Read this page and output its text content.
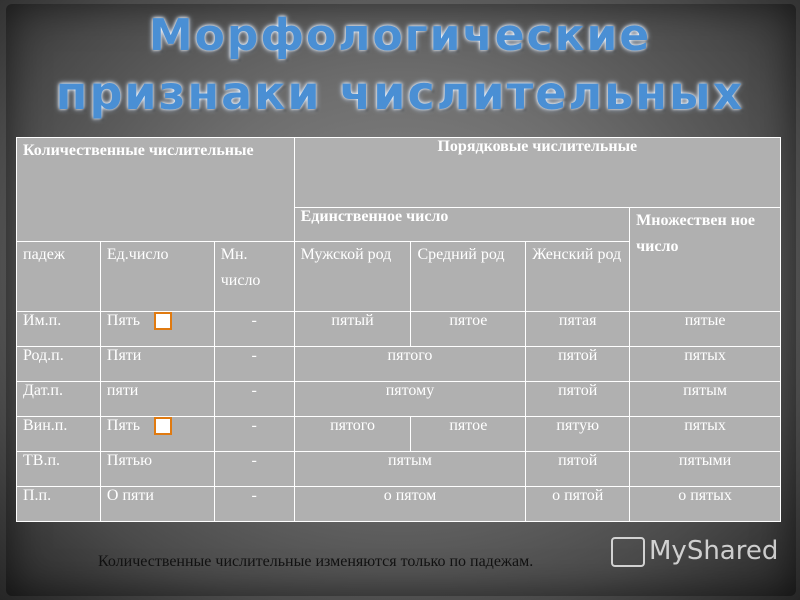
Морфологические
признаки числительных
Количественные числительные			Порядковые числительные			
			Единственное число			Множествен ное число
падеж	Ед.число	Мн. число	Мужской род	Средний род	Женский род	
Им.п.	Пять	-	пятый	пятое	пятая	пятые
Род.п.	Пяти	-	пятого		пятой	пятых
Дат.п.	пяти	-	пятому		пятой	пятым
Вин.п.	Пять	-	пятого	пятое	пятую	пятых
ТВ.п.	Пятью	-	пятым		пятой	пятыми
П.п.	О пяти	-	о пятом		о пятой	о пятых
Количественные числительные изменяются только по падежам.	MyShared
